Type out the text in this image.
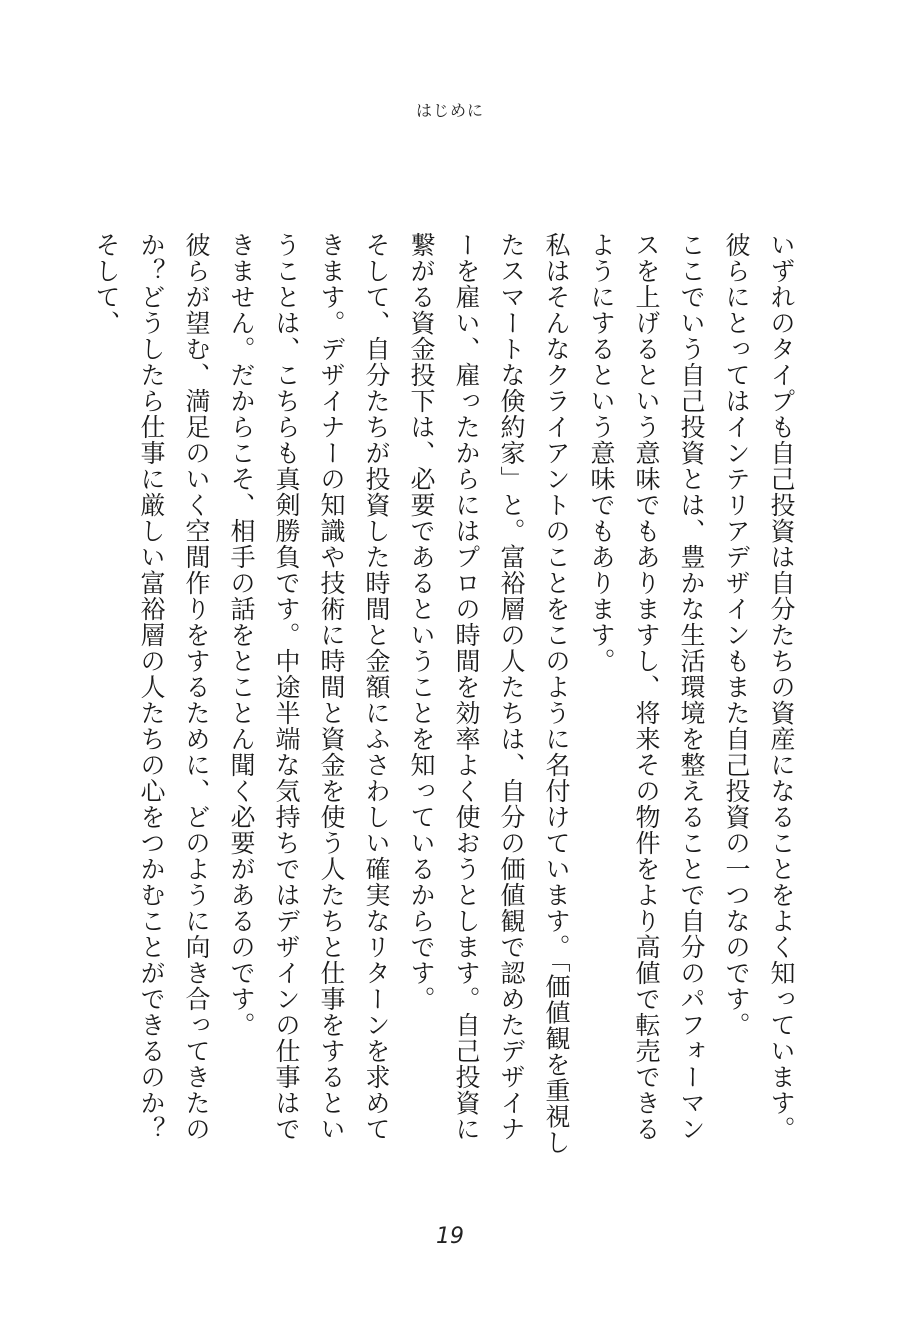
はじめに

いずれのタイプも自己投資は自分たちの資産になることをよく知っています。彼らにとってはインテリアデザインもまた自己投資の一つなのです。

ここでいう自己投資とは、豊かな生活環境を整えることで自分のパフォーマンスを上げるという意味でもありますし、将来その物件をより高値で転売できるようにするという意味でもあります。

私はそんなクライアントのことをこのように名付けています。「価値観を重視したスマートな倹約家」と。富裕層の人たちは、自分の価値観で認めたデザイナーを雇い、雇ったからにはプロの時間を効率よく使おうとします。自己投資に繋がる資金投下は、必要であるということを知っているからです。

そして、自分たちが投資した時間と金額にふさわしい確実なリターンを求めてきます。デザイナーの知識や技術に時間と資金を使う人たちと仕事をするということは、こちらも真剣勝負です。中途半端な気持ちではデザインの仕事はできません。だからこそ、相手の話をとことん聞く必要があるのです。

彼らが望む、満足のいく空間作りをするために、どのように向き合ってきたのか？どうしたら仕事に厳しい富裕層の人たちの心をつかむことができるのか？　そして、

19
